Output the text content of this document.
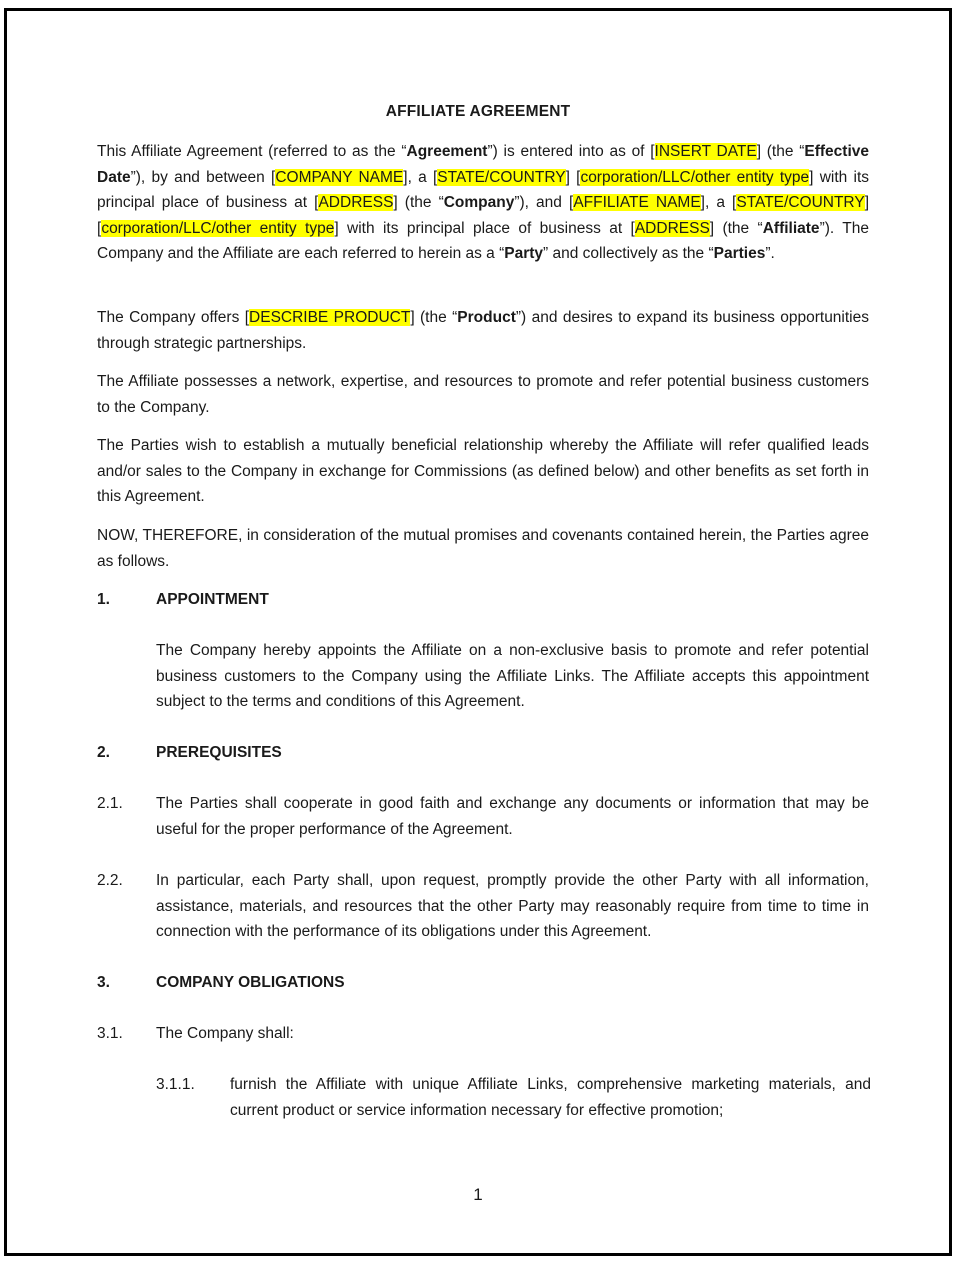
AFFILIATE AGREEMENT

This Affiliate Agreement (referred to as the “Agreement”) is entered into as of [INSERT DATE] (the “Effective Date”), by and between [COMPANY NAME], a [STATE/COUNTRY] [corporation/LLC/other entity type] with its principal place of business at [ADDRESS] (the “Company”), and [AFFILIATE NAME], a [STATE/COUNTRY] [corporation/LLC/other entity type] with its principal place of business at [ADDRESS] (the “Affiliate”). The Company and the Affiliate are each referred to herein as a “Party” and collectively as the “Parties”.

The Company offers [DESCRIBE PRODUCT] (the “Product”) and desires to expand its business opportunities through strategic partnerships.

The Affiliate possesses a network, expertise, and resources to promote and refer potential business customers to the Company.

The Parties wish to establish a mutually beneficial relationship whereby the Affiliate will refer qualified leads and/or sales to the Company in exchange for Commissions (as defined below) and other benefits as set forth in this Agreement.

NOW, THEREFORE, in consideration of the mutual promises and covenants contained herein, the Parties agree as follows.

1.	APPOINTMENT

The Company hereby appoints the Affiliate on a non-exclusive basis to promote and refer potential business customers to the Company using the Affiliate Links. The Affiliate accepts this appointment subject to the terms and conditions of this Agreement.

2.	PREREQUISITES
2.1. The Parties shall cooperate in good faith and exchange any documents or information that may be useful for the proper performance of the Agreement.

2.2. In particular, each Party shall, upon request, promptly provide the other Party with all information, assistance, materials, and resources that the other Party may reasonably require from time to time in connection with the performance of its obligations under this Agreement.

3.	COMPANY OBLIGATIONS
3.1. The Company shall:

3.1.1. furnish the Affiliate with unique Affiliate Links, comprehensive marketing materials, and current product or service information necessary for effective promotion;

1
